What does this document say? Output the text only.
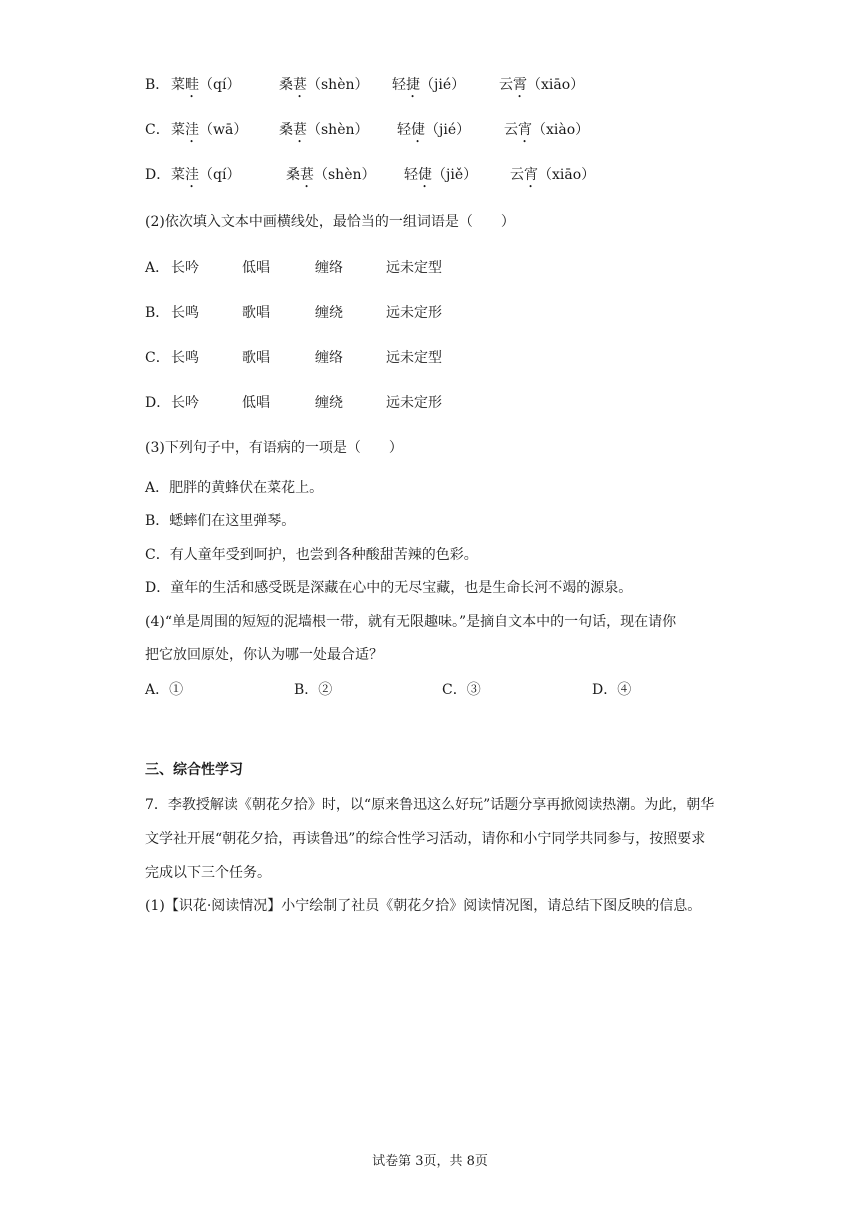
B． 菜畦（qí）	桑葚（shèn）	轻捷（jié）	云霄（xiāo）
C． 菜洼（wā）	桑葚（shèn）	轻倢（jié）	云宵（xiào）
D． 菜洼（qí）	桑葚（shèn）	轻倢（jiě）	云宵（xiāo）
(2)依次填入文本中画横线处，最恰当的一组词语是（　　）
A． 长吟	低唱	缠络	远未定型
B． 长鸣	歌唱	缠绕	远未定形
C． 长鸣	歌唱	缠络	远未定型
D． 长吟	低唱	缠绕	远未定形
(3)下列句子中，有语病的一项是（　　）
A．肥胖的黄蜂伏在菜花上。
B．蟋蟀们在这里弹琴。
C．有人童年受到呵护，也尝到各种酸甜苦辣的色彩。
D．童年的生活和感受既是深藏在心中的无尽宝藏，也是生命长河不竭的源泉。
(4)“单是周围的短短的泥墙根一带，就有无限趣味。”是摘自文本中的一句话，现在请你
把它放回原处，你认为哪一处最合适？
A．①	B．②	C．③	D．④
三、综合性学习
7．李教授解读《朝花夕拾》时，以“原来鲁迅这么好玩”话题分享再掀阅读热潮。为此，朝华文学社开展“朝花夕拾，再读鲁迅”的综合性学习活动，请你和小宁同学共同参与，按照要求完成以下三个任务。
(1)【识花·阅读情况】小宁绘制了社员《朝花夕拾》阅读情况图，请总结下图反映的信息。
试卷第 3页，共 8页
